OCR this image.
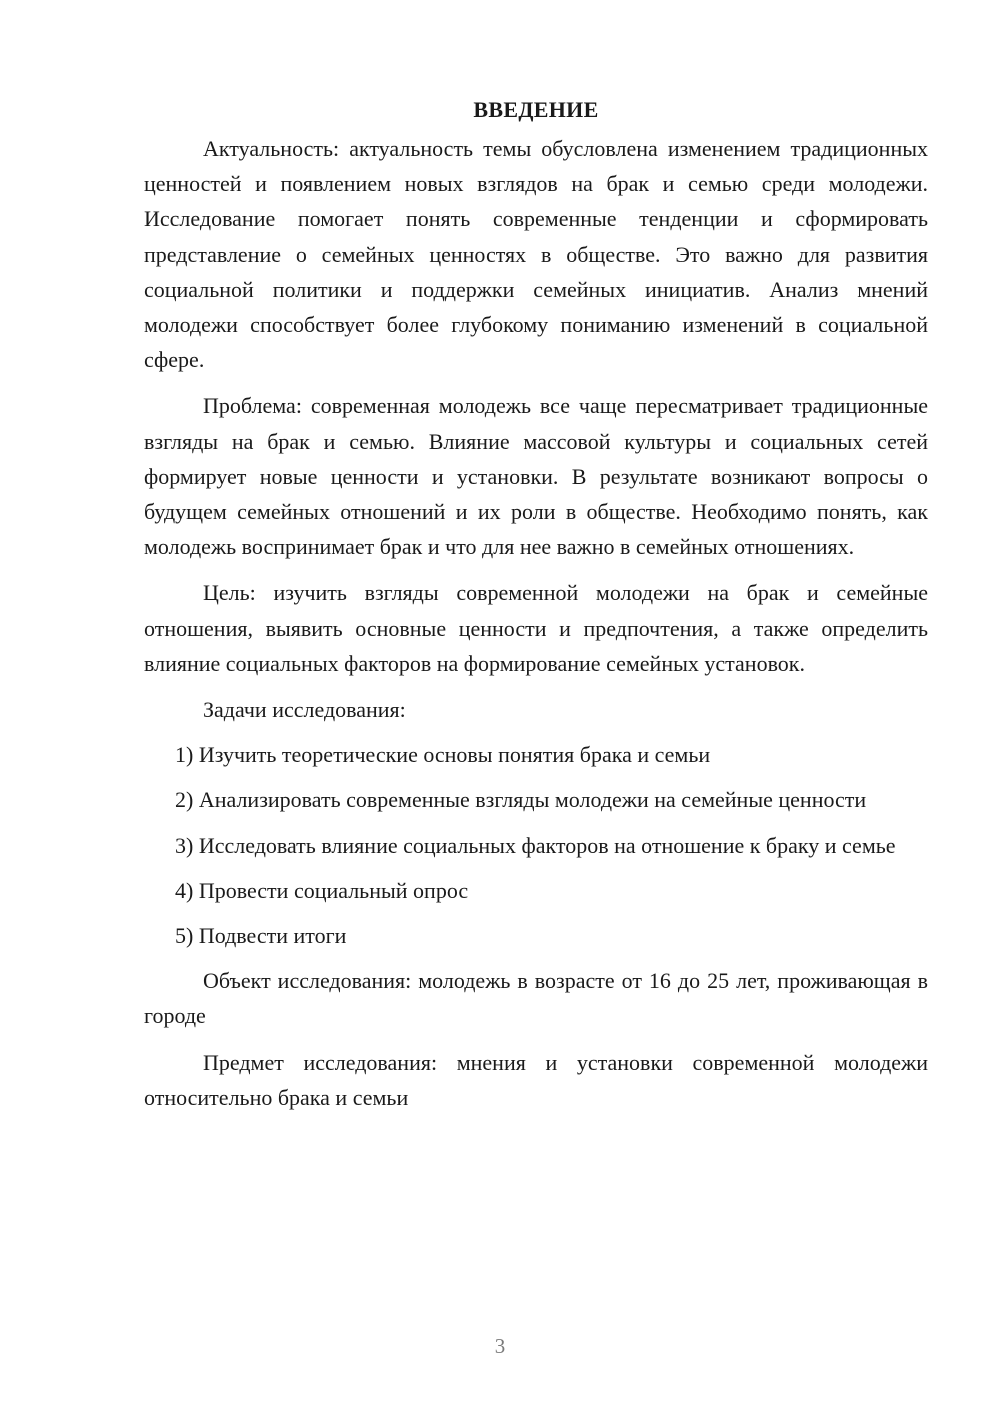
ВВЕДЕНИЕ

Актуальность: актуальность темы обусловлена изменением традиционных ценностей и появлением новых взглядов на брак и семью среди молодежи. Исследование помогает понять современные тенденции и сформировать представление о семейных ценностях в обществе. Это важно для развития социальной политики и поддержки семейных инициатив. Анализ мнений молодежи способствует более глубокому пониманию изменений в социальной сфере.

Проблема: современная молодежь все чаще пересматривает традиционные взгляды на брак и семью. Влияние массовой культуры и социальных сетей формирует новые ценности и установки. В результате возникают вопросы о будущем семейных отношений и их роли в обществе. Необходимо понять, как молодежь воспринимает брак и что для нее важно в семейных отношениях.

Цель: изучить взгляды современной молодежи на брак и семейные отношения, выявить основные ценности и предпочтения, а также определить влияние социальных факторов на формирование семейных установок.

Задачи исследования:

1) Изучить теоретические основы понятия брака и семьи

2) Анализировать современные взгляды молодежи на семейные ценности

3) Исследовать влияние социальных факторов на отношение к браку и семье

4) Провести социальный опрос

5) Подвести итоги

Объект исследования: молодежь в возрасте от 16 до 25 лет, проживающая в городе

Предмет исследования: мнения и установки современной молодежи относительно брака и семьи

3
